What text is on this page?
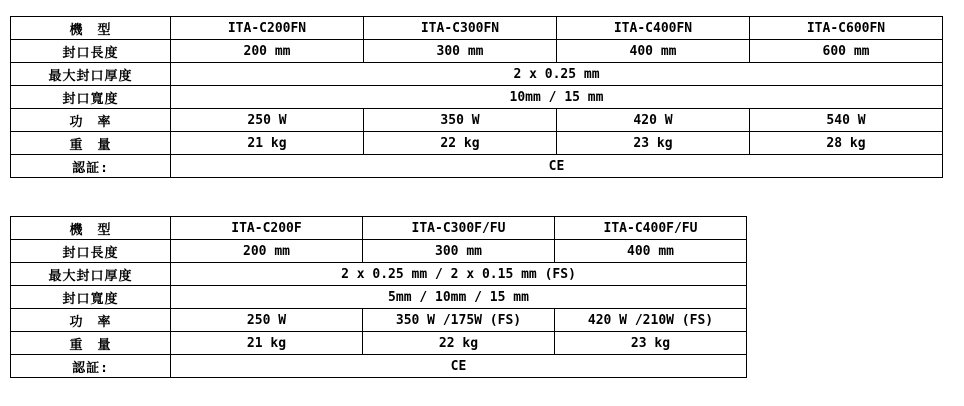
機　型	ITA-C200FN	ITA-C300FN	ITA-C400FN	ITA-C600FN
封口長度	200 mm	300 mm	400 mm	600 mm
最大封口厚度	2 x 0.25 mm			
封口寬度	10mm / 15 mm			
功　率	250 W	350 W	420 W	540 W
重　量	21 kg	22 kg	23 kg	28 kg
認証:	CE			
機　型	ITA-C200F	ITA-C300F/FU	ITA-C400F/FU
封口長度	200 mm	300 mm	400 mm
最大封口厚度	2 x 0.25 mm / 2 x 0.15 mm (FS)		
封口寬度	5mm / 10mm / 15 mm		
功　率	250 W	350 W /175W (FS)	420 W /210W (FS)
重　量	21 kg	22 kg	23 kg
認証:	CE		
